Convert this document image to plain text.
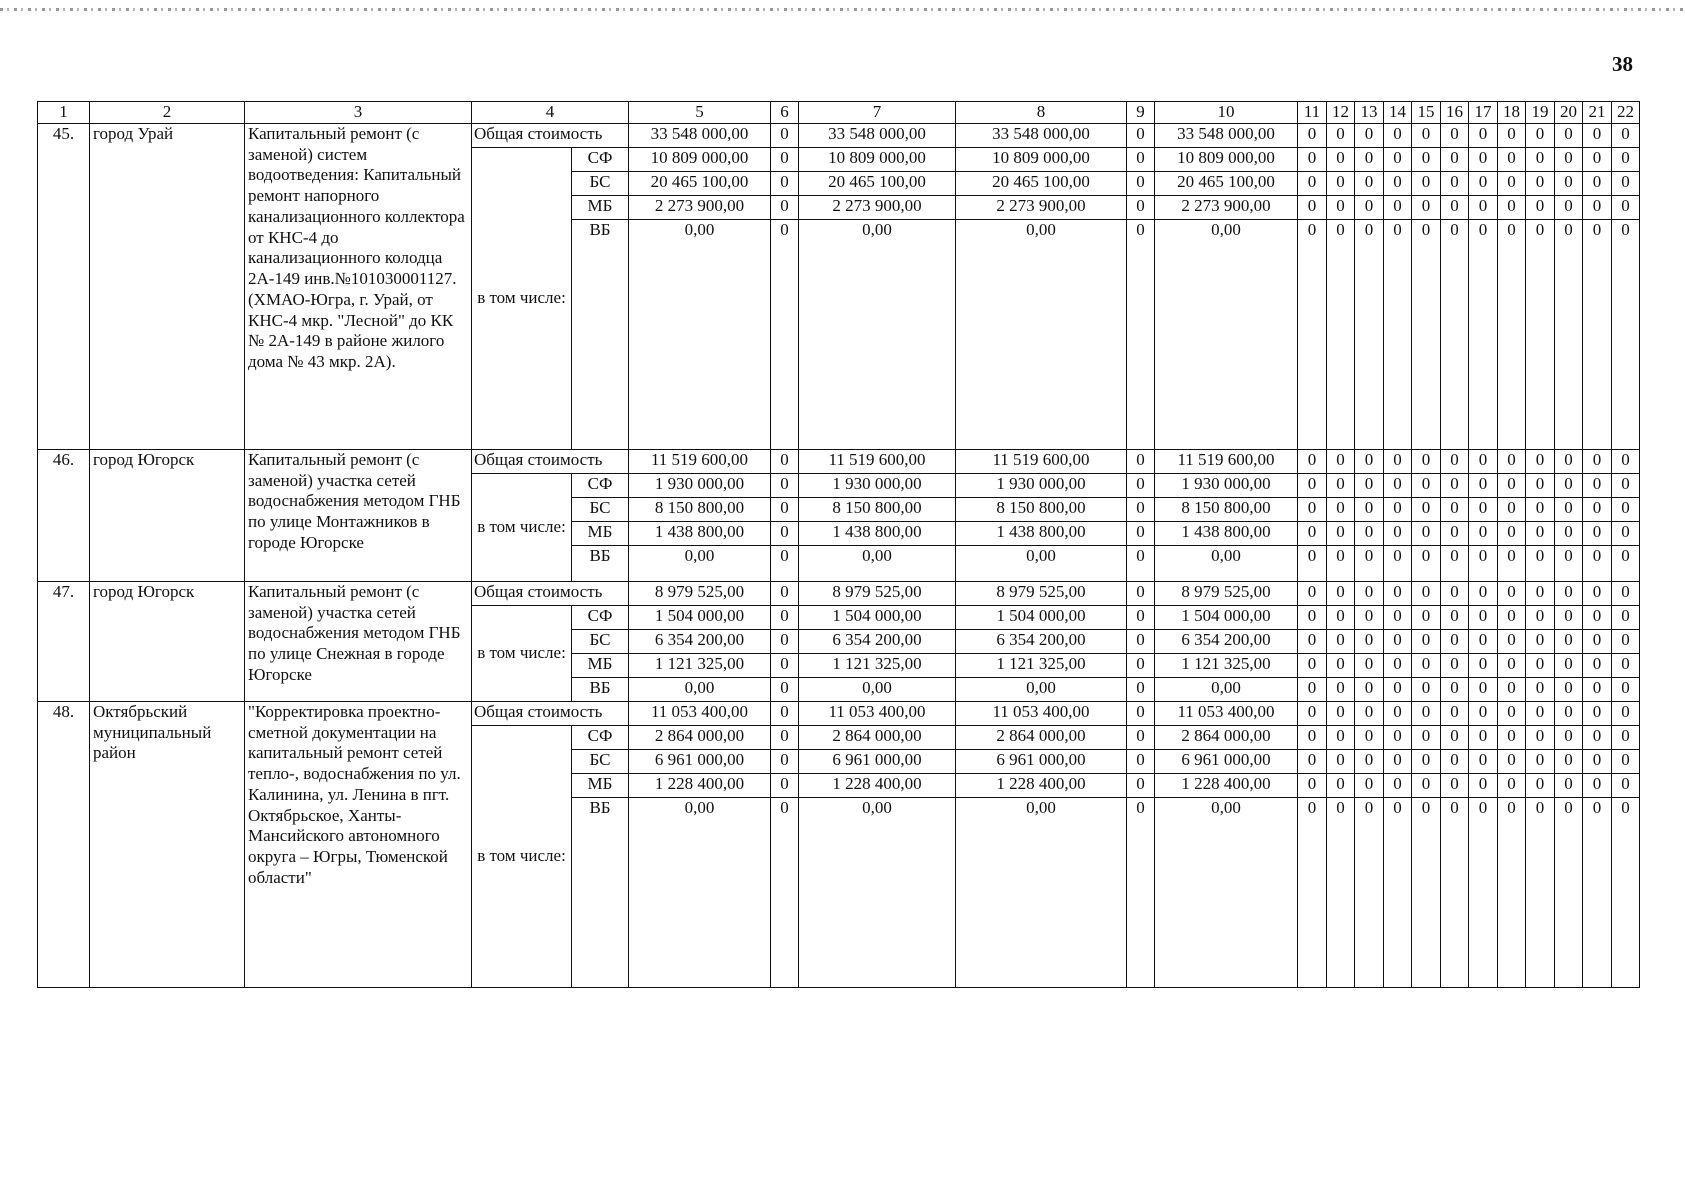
38
1	2	3	4		5	6	7	8	9	10	11	12	13	14	15	16	17	18	19	20	21	22
45.	город Урай	Капитальный ремонт (с заменой) систем водоотведения: Капитальный ремонт напорного канализационного коллектора от КНС-4 до канализационного колодца 2А-149 инв.№101030001127. (ХМАО-Югра, г. Урай, от КНС-4 мкр. "Лесной" до КК № 2А-149 в районе жилого дома № 43 мкр. 2А).	Общая стоимость		33 548 000,00	0	33 548 000,00	33 548 000,00	0	33 548 000,00	0	0	0	0	0	0	0	0	0	0	0	0
			в том числе:	СФ	10 809 000,00	0	10 809 000,00	10 809 000,00	0	10 809 000,00	0	0	0	0	0	0	0	0	0	0	0	0
				БС	20 465 100,00	0	20 465 100,00	20 465 100,00	0	20 465 100,00	0	0	0	0	0	0	0	0	0	0	0	0
				МБ	2 273 900,00	0	2 273 900,00	2 273 900,00	0	2 273 900,00	0	0	0	0	0	0	0	0	0	0	0	0
				ВБ	0,00	0	0,00	0,00	0	0,00	0	0	0	0	0	0	0	0	0	0	0	0
46.	город Югорск	Капитальный ремонт (с заменой) участка сетей водоснабжения методом ГНБ по улице Монтажников в городе Югорске	Общая стоимость		11 519 600,00	0	11 519 600,00	11 519 600,00	0	11 519 600,00	0	0	0	0	0	0	0	0	0	0	0	0
			в том числе:	СФ	1 930 000,00	0	1 930 000,00	1 930 000,00	0	1 930 000,00	0	0	0	0	0	0	0	0	0	0	0	0
				БС	8 150 800,00	0	8 150 800,00	8 150 800,00	0	8 150 800,00	0	0	0	0	0	0	0	0	0	0	0	0
				МБ	1 438 800,00	0	1 438 800,00	1 438 800,00	0	1 438 800,00	0	0	0	0	0	0	0	0	0	0	0	0
				ВБ	0,00	0	0,00	0,00	0	0,00	0	0	0	0	0	0	0	0	0	0	0	0
47.	город Югорск	Капитальный ремонт (с заменой) участка сетей водоснабжения методом ГНБ по улице Снежная в городе Югорске	Общая стоимость		8 979 525,00	0	8 979 525,00	8 979 525,00	0	8 979 525,00	0	0	0	0	0	0	0	0	0	0	0	0
			в том числе:	СФ	1 504 000,00	0	1 504 000,00	1 504 000,00	0	1 504 000,00	0	0	0	0	0	0	0	0	0	0	0	0
				БС	6 354 200,00	0	6 354 200,00	6 354 200,00	0	6 354 200,00	0	0	0	0	0	0	0	0	0	0	0	0
				МБ	1 121 325,00	0	1 121 325,00	1 121 325,00	0	1 121 325,00	0	0	0	0	0	0	0	0	0	0	0	0
				ВБ	0,00	0	0,00	0,00	0	0,00	0	0	0	0	0	0	0	0	0	0	0	0
48.	Октябрьский муниципальный район	"Корректировка проектно-сметной документации на капитальный ремонт сетей тепло-, водоснабжения по ул. Калинина, ул. Ленина в пгт. Октябрьское, Ханты-Мансийского автономного округа – Югры, Тюменской области"	Общая стоимость		11 053 400,00	0	11 053 400,00	11 053 400,00	0	11 053 400,00	0	0	0	0	0	0	0	0	0	0	0	0
			в том числе:	СФ	2 864 000,00	0	2 864 000,00	2 864 000,00	0	2 864 000,00	0	0	0	0	0	0	0	0	0	0	0	0
				БС	6 961 000,00	0	6 961 000,00	6 961 000,00	0	6 961 000,00	0	0	0	0	0	0	0	0	0	0	0	0
				МБ	1 228 400,00	0	1 228 400,00	1 228 400,00	0	1 228 400,00	0	0	0	0	0	0	0	0	0	0	0	0
				ВБ	0,00	0	0,00	0,00	0	0,00	0	0	0	0	0	0	0	0	0	0	0	0
